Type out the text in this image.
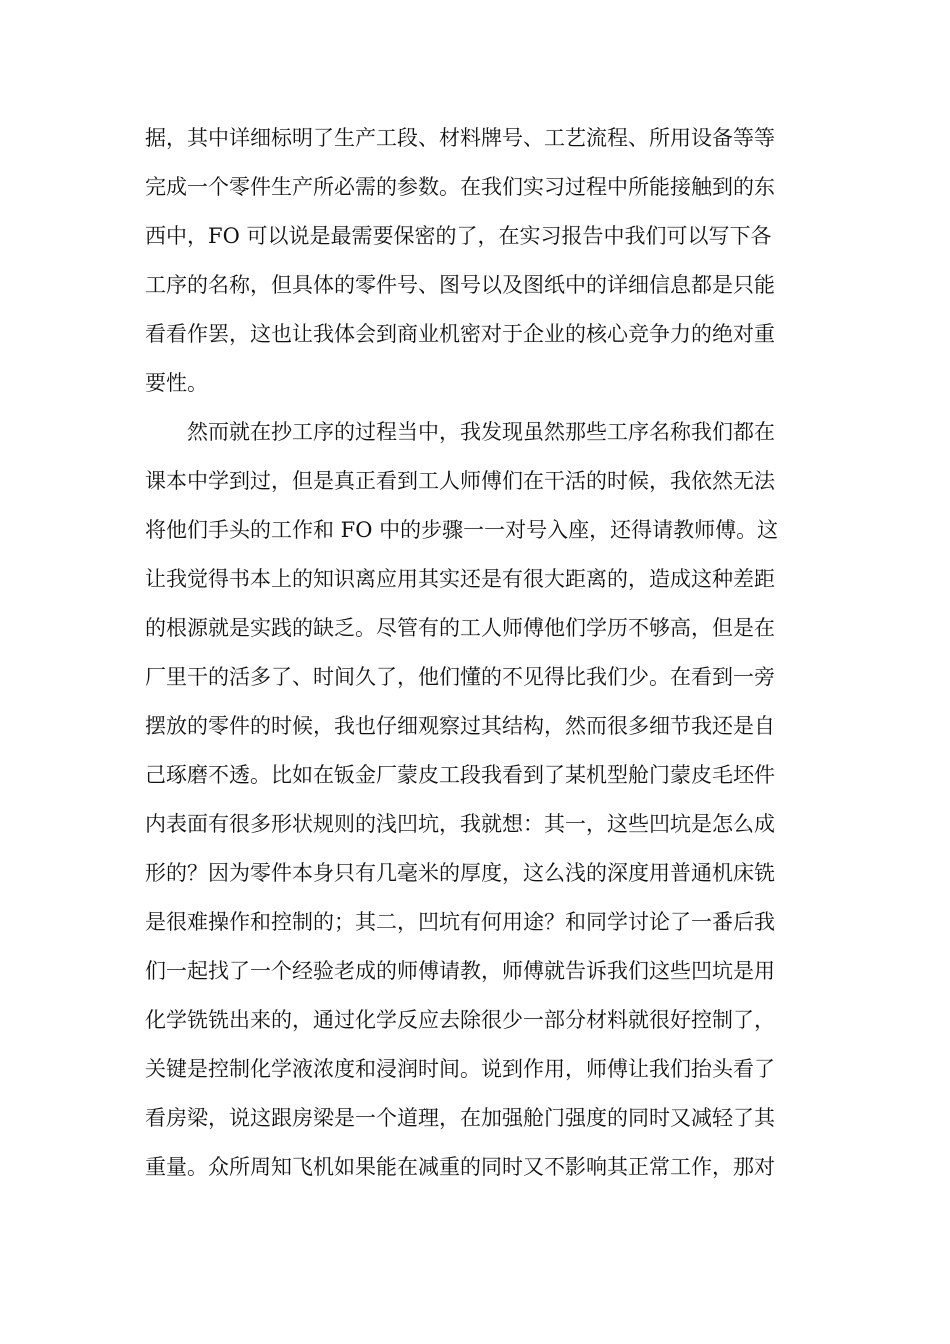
据，其中详细标明了生产工段、材料牌号、工艺流程、所用设备等等
完成一个零件生产所必需的参数。在我们实习过程中所能接触到的东
西中，FO 可以说是最需要保密的了，在实习报告中我们可以写下各
工序的名称，但具体的零件号、图号以及图纸中的详细信息都是只能
看看作罢，这也让我体会到商业机密对于企业的核心竞争力的绝对重
要性。
然而就在抄工序的过程当中，我发现虽然那些工序名称我们都在
课本中学到过，但是真正看到工人师傅们在干活的时候，我依然无法
将他们手头的工作和 FO 中的步骤一一对号入座，还得请教师傅。这
让我觉得书本上的知识离应用其实还是有很大距离的，造成这种差距
的根源就是实践的缺乏。尽管有的工人师傅他们学历不够高，但是在
厂里干的活多了、时间久了，他们懂的不见得比我们少。在看到一旁
摆放的零件的时候，我也仔细观察过其结构，然而很多细节我还是自
己琢磨不透。比如在钣金厂蒙皮工段我看到了某机型舱门蒙皮毛坯件
内表面有很多形状规则的浅凹坑，我就想：其一，这些凹坑是怎么成
形的？因为零件本身只有几毫米的厚度，这么浅的深度用普通机床铣
是很难操作和控制的；其二，凹坑有何用途？和同学讨论了一番后我
们一起找了一个经验老成的师傅请教，师傅就告诉我们这些凹坑是用
化学铣铣出来的，通过化学反应去除很少一部分材料就很好控制了，
关键是控制化学液浓度和浸润时间。说到作用，师傅让我们抬头看了
看房梁，说这跟房梁是一个道理，在加强舱门强度的同时又减轻了其
重量。众所周知飞机如果能在减重的同时又不影响其正常工作，那对
